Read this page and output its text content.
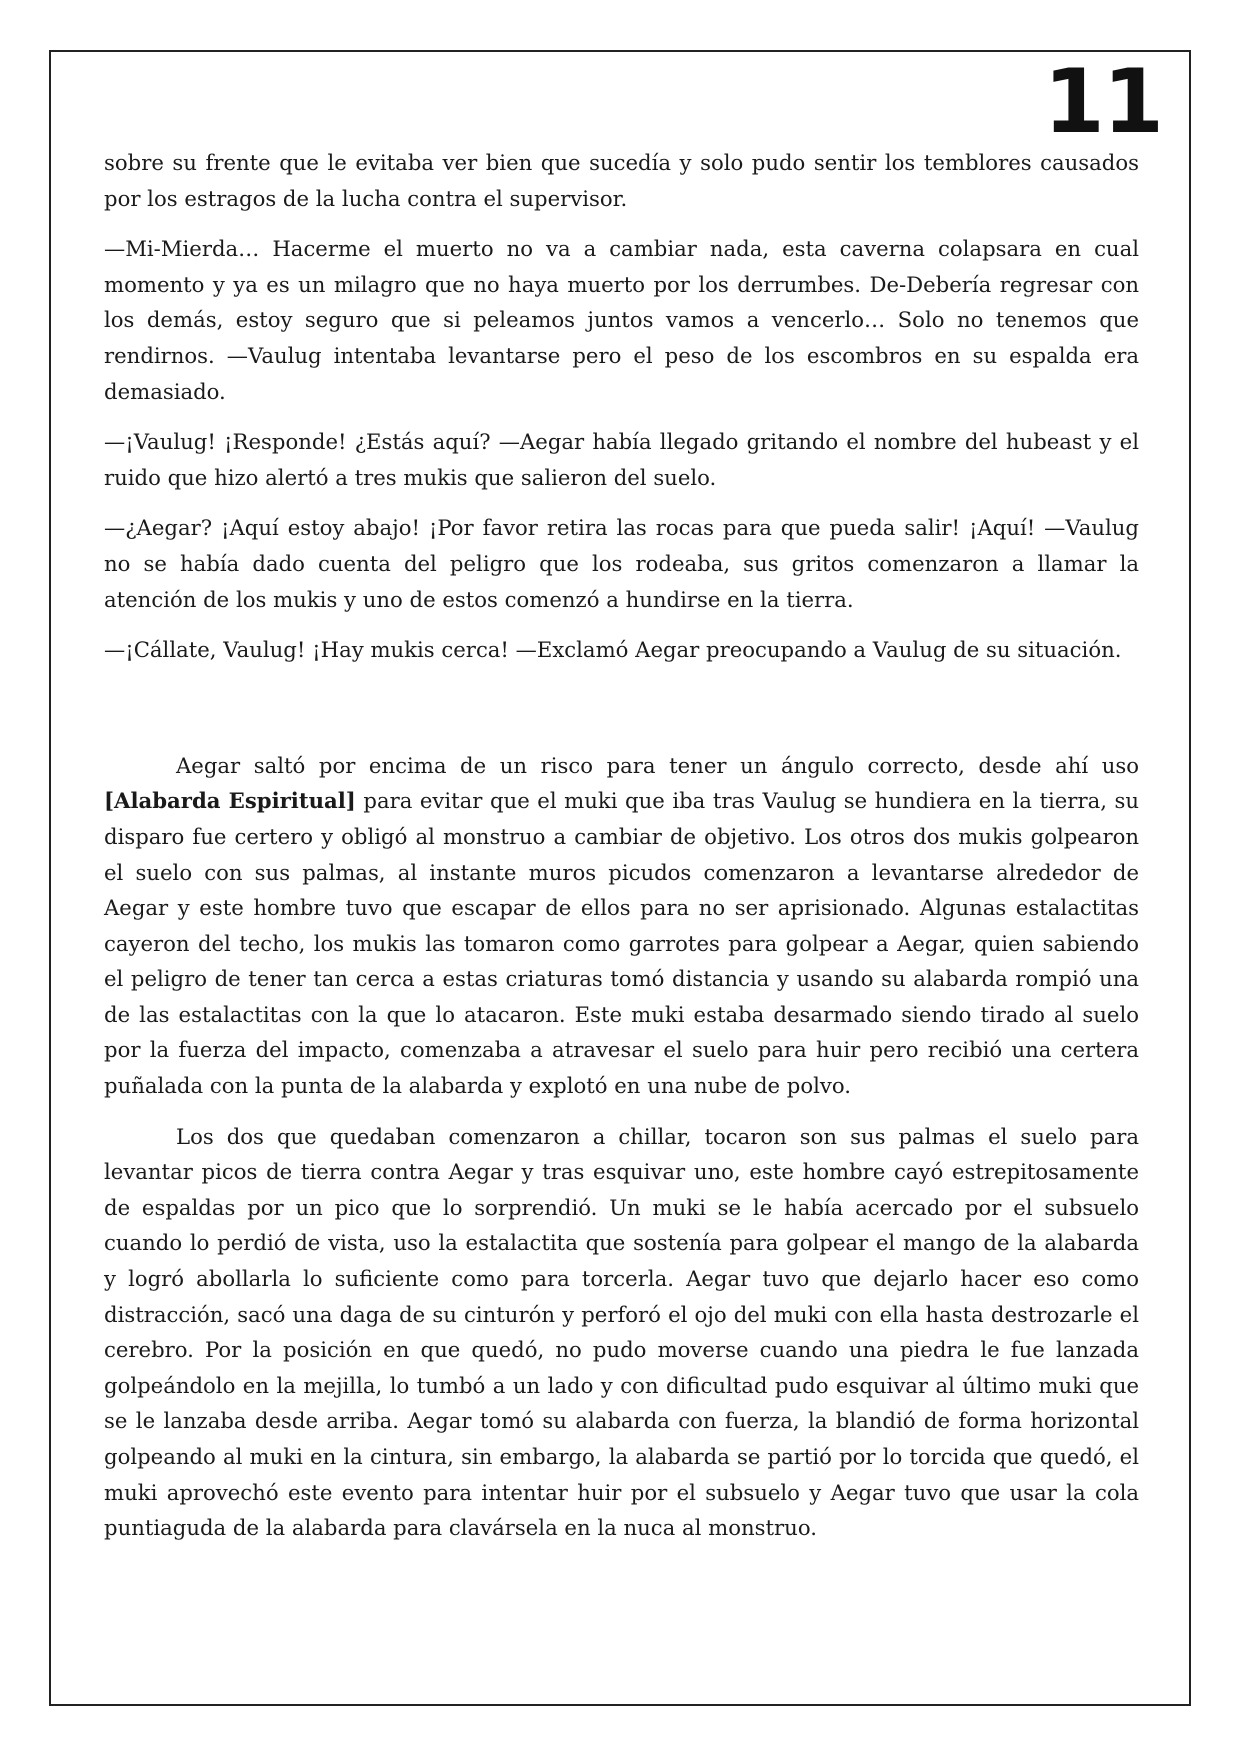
11

sobre su frente que le evitaba ver bien que sucedía y solo pudo sentir los temblores causados por los estragos de la lucha contra el supervisor.

—Mi-Mierda… Hacerme el muerto no va a cambiar nada, esta caverna colapsara en cual momento y ya es un milagro que no haya muerto por los derrumbes. De-Debería regresar con los demás, estoy seguro que si peleamos juntos vamos a vencerlo… Solo no tenemos que rendirnos. —Vaulug intentaba levantarse pero el peso de los escombros en su espalda era demasiado.

—¡Vaulug! ¡Responde! ¿Estás aquí? —Aegar había llegado gritando el nombre del hubeast y el ruido que hizo alertó a tres mukis que salieron del suelo.

—¿Aegar? ¡Aquí estoy abajo! ¡Por favor retira las rocas para que pueda salir! ¡Aquí! —Vaulug no se había dado cuenta del peligro que los rodeaba, sus gritos comenzaron a llamar la atención de los mukis y uno de estos comenzó a hundirse en la tierra.

—¡Cállate, Vaulug! ¡Hay mukis cerca! —Exclamó Aegar preocupando a Vaulug de su situación.

Aegar saltó por encima de un risco para tener un ángulo correcto, desde ahí uso [Alabarda Espiritual] para evitar que el muki que iba tras Vaulug se hundiera en la tierra, su disparo fue certero y obligó al monstruo a cambiar de objetivo. Los otros dos mukis golpearon el suelo con sus palmas, al instante muros picudos comenzaron a levantarse alrededor de Aegar y este hombre tuvo que escapar de ellos para no ser aprisionado. Algunas estalactitas cayeron del techo, los mukis las tomaron como garrotes para golpear a Aegar, quien sabiendo el peligro de tener tan cerca a estas criaturas tomó distancia y usando su alabarda rompió una de las estalactitas con la que lo atacaron. Este muki estaba desarmado siendo tirado al suelo por la fuerza del impacto, comenzaba a atravesar el suelo para huir pero recibió una certera puñalada con la punta de la alabarda y explotó en una nube de polvo.

Los dos que quedaban comenzaron a chillar, tocaron son sus palmas el suelo para levantar picos de tierra contra Aegar y tras esquivar uno, este hombre cayó estrepitosamente de espaldas por un pico que lo sorprendió. Un muki se le había acercado por el subsuelo cuando lo perdió de vista, uso la estalactita que sostenía para golpear el mango de la alabarda y logró abollarla lo suficiente como para torcerla. Aegar tuvo que dejarlo hacer eso como distracción, sacó una daga de su cinturón y perforó el ojo del muki con ella hasta destrozarle el cerebro. Por la posición en que quedó, no pudo moverse cuando una piedra le fue lanzada golpeándolo en la mejilla, lo tumbó a un lado y con dificultad pudo esquivar al último muki que se le lanzaba desde arriba. Aegar tomó su alabarda con fuerza, la blandió de forma horizontal golpeando al muki en la cintura, sin embargo, la alabarda se partió por lo torcida que quedó, el muki aprovechó este evento para intentar huir por el subsuelo y Aegar tuvo que usar la cola puntiaguda de la alabarda para clavársela en la nuca al monstruo.
